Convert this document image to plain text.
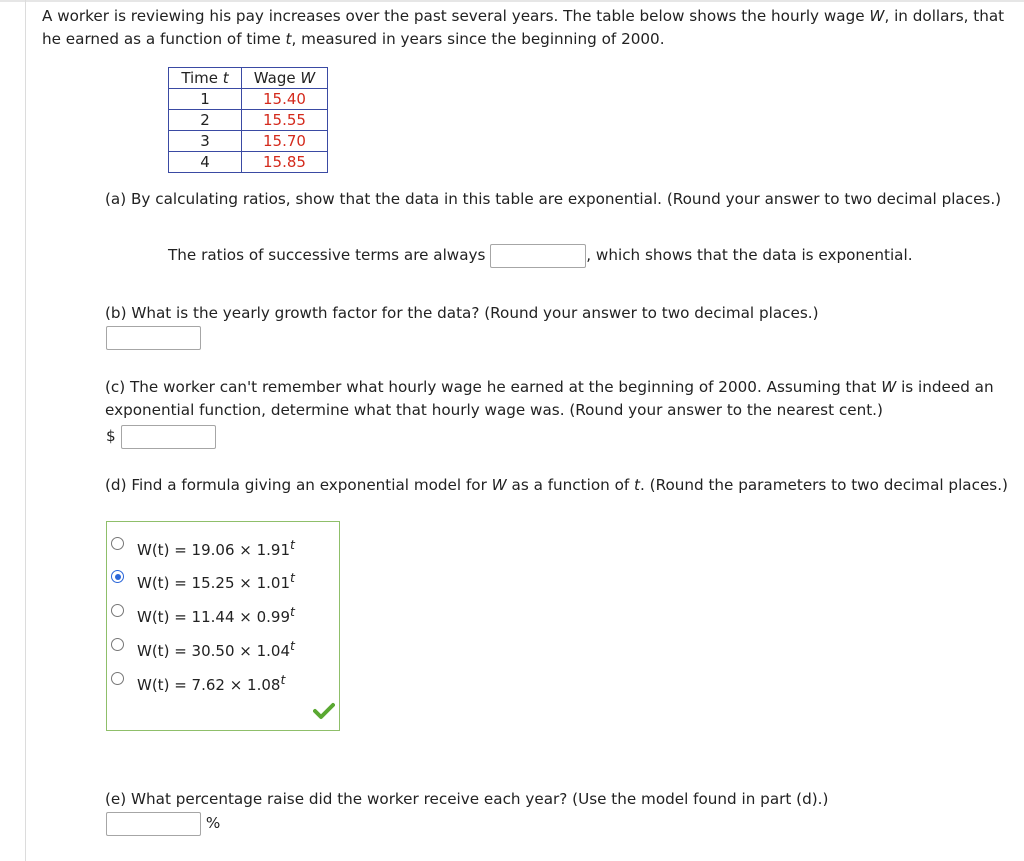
A worker is reviewing his pay increases over the past several years. The table below shows the hourly wage W, in dollars, that he earned as a function of time t, measured in years since the beginning of 2000.
Time t	Wage W
1	15.40
2	15.55
3	15.70
4	15.85
(a) By calculating ratios, show that the data in this table are exponential. (Round your answer to two decimal places.)
The ratios of successive terms are always	, which shows that the data is exponential.
(b) What is the yearly growth factor for the data? (Round your answer to two decimal places.)
(c) The worker can't remember what hourly wage he earned at the beginning of 2000. Assuming that W is indeed an exponential function, determine what that hourly wage was. (Round your answer to the nearest cent.)
$
(d) Find a formula giving an exponential model for W as a function of t. (Round the parameters to two decimal places.)
$W(t) = 19.06 \times 1.91^t$
$W(t) = 15.25 \times 1.01^t$
$W(t) = 11.44 \times 0.99^t$
$W(t) = 30.50 \times 1.04^t$
$W(t) = 7.62 \times 1.08^t$
(e) What percentage raise did the worker receive each year? (Use the model found in part (d).)
%
